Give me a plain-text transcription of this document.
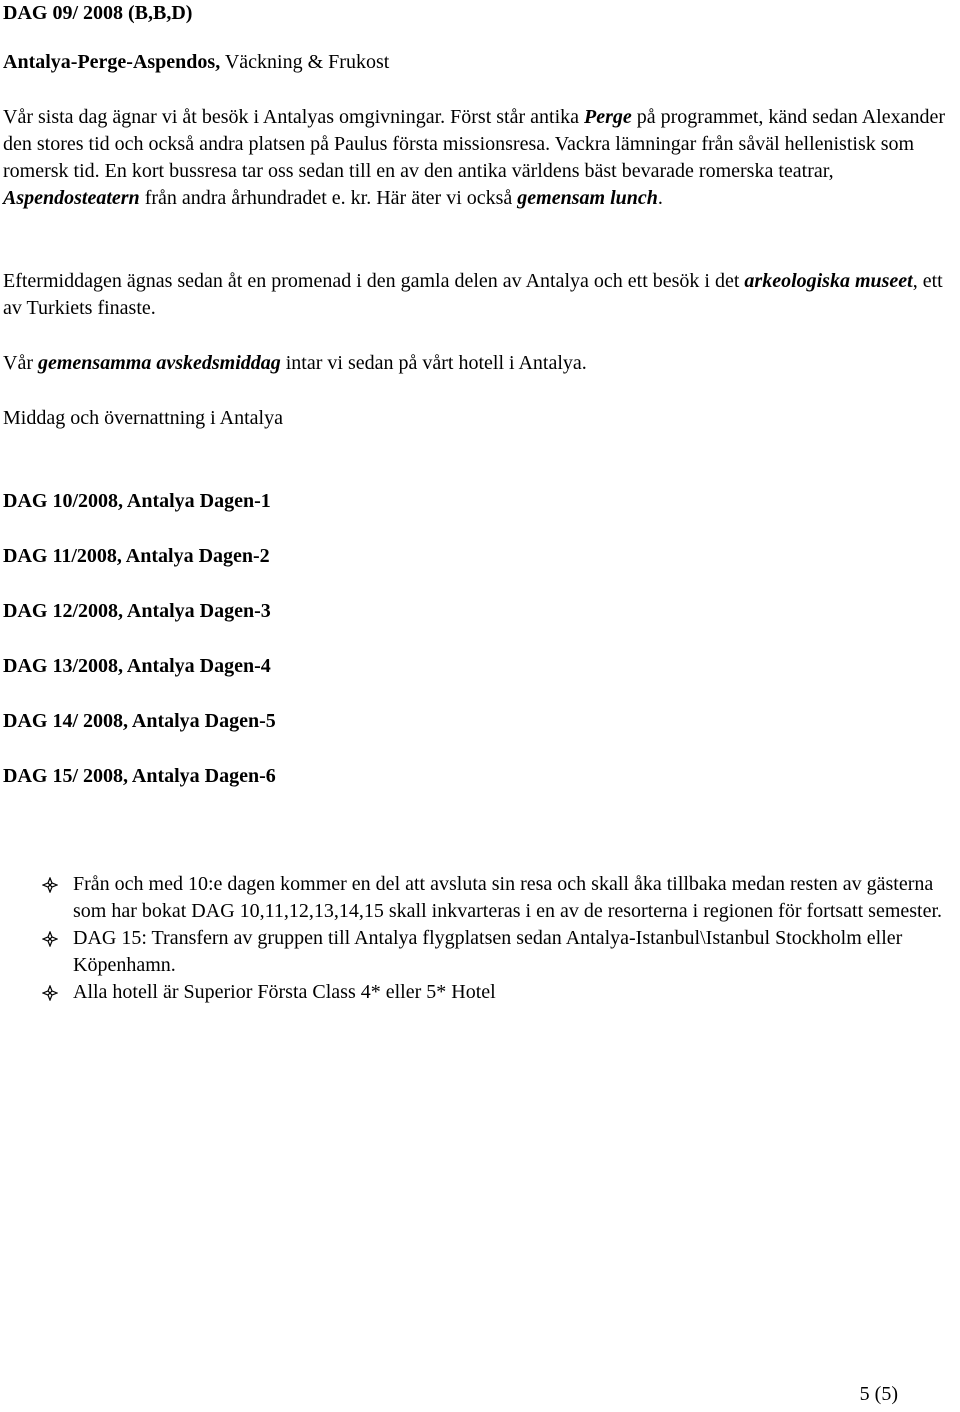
DAG 09/ 2008 (B,B,D)

Antalya-Perge-Aspendos, Väckning & Frukost

Vår sista dag ägnar vi åt besök i Antalyas omgivningar. Först står antika Perge på programmet, känd sedan Alexander den stores tid och också andra platsen på Paulus första missionsresa. Vackra lämningar från såväl hellenistisk som romersk tid. En kort bussresa tar oss sedan till en av den antika världens bäst bevarade romerska teatrar, Aspendosteatern från andra århundradet e. kr. Här äter vi också gemensam lunch.

Eftermiddagen ägnas sedan åt en promenad i den gamla delen av Antalya och ett besök i det arkeologiska museet, ett av Turkiets finaste.

Vår gemensamma avskedsmiddag intar vi sedan på vårt hotell i Antalya.

Middag och övernattning i Antalya

DAG 10/2008, Antalya Dagen-1
DAG 11/2008, Antalya Dagen-2
DAG 12/2008, Antalya Dagen-3
DAG 13/2008, Antalya Dagen-4
DAG 14/ 2008, Antalya Dagen-5
DAG 15/ 2008, Antalya Dagen-6
Från och med 10:e dagen kommer en del att avsluta sin resa och skall åka tillbaka medan resten av gästerna som har bokat DAG 10,11,12,13,14,15 skall inkvarteras i en av de resorterna i regionen för fortsatt semester.
DAG 15: Transfern av gruppen till Antalya flygplatsen sedan Antalya-Istanbul\Istanbul Stockholm eller Köpenhamn.
Alla hotell är Superior Första Class 4* eller 5* Hotel

5 (5)
